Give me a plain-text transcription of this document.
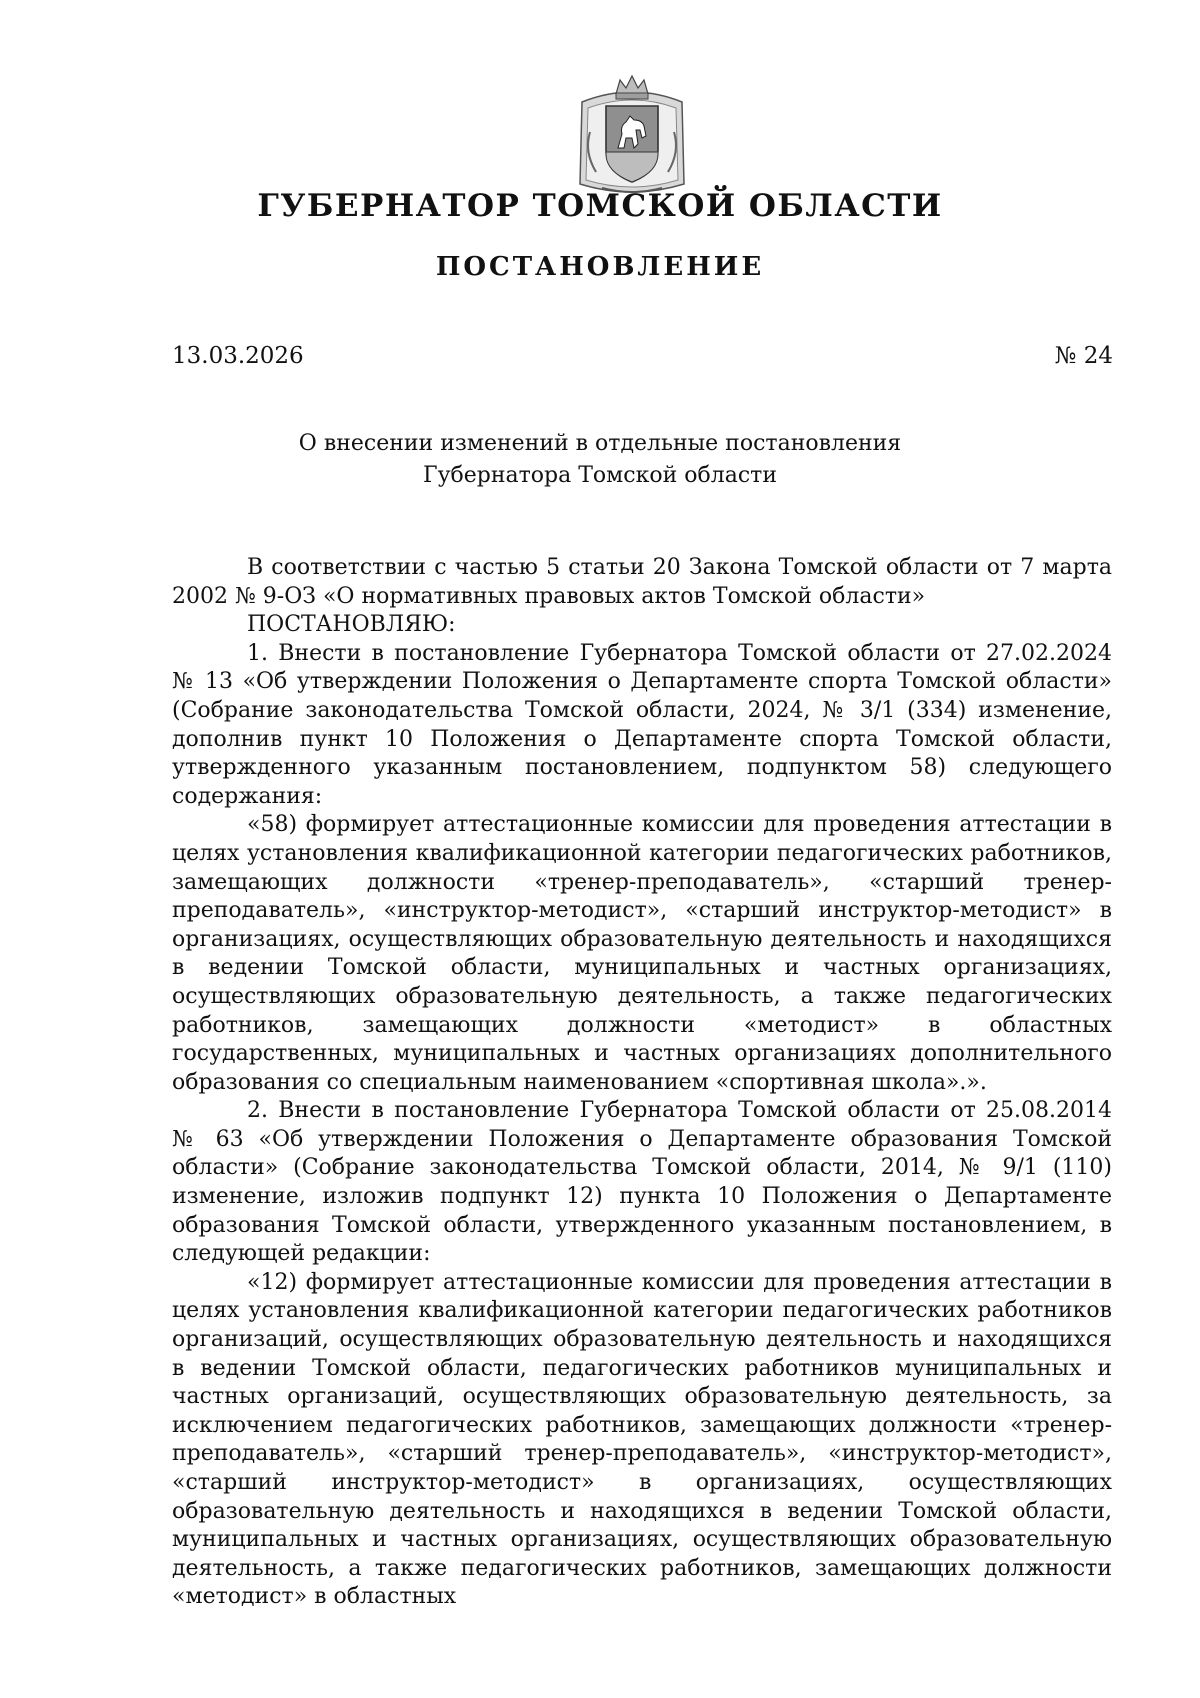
ГУБЕРНАТОР ТОМСКОЙ ОБЛАСТИ
ПОСТАНОВЛЕНИЕ
13.03.2026	№ 24
О внесении изменений в отдельные постановления
Губернатора Томской области

В соответствии с частью 5 статьи 20 Закона Томской области от 7 марта 2002 № 9-ОЗ «О нормативных правовых актов Томской области»

ПОСТАНОВЛЯЮ:

1. Внести в постановление Губернатора Томской области от 27.02.2024 № 13 «Об утверждении Положения о Департаменте спорта Томской области» (Собрание законодательства Томской области, 2024, № 3/1 (334) изменение, дополнив пункт 10 Положения о Департаменте спорта Томской области, утвержденного указанным постановлением, подпунктом 58) следующего содержания:

«58) формирует аттестационные комиссии для проведения аттестации в целях установления квалификационной категории педагогических работников, замещающих должности «тренер-преподаватель», «старший тренер-преподаватель», «инструктор-методист», «старший инструктор-методист» в организациях, осуществляющих образовательную деятельность и находящихся в ведении Томской области, муниципальных и частных организациях, осуществляющих образовательную деятельность, а также педагогических работников, замещающих должности «методист» в областных государственных, муниципальных и частных организациях дополнительного образования со специальным наименованием «спортивная школа».».

2. Внести в постановление Губернатора Томской области от 25.08.2014 № 63 «Об утверждении Положения о Департаменте образования Томской области» (Собрание законодательства Томской области, 2014, № 9/1 (110) изменение, изложив подпункт 12) пункта 10 Положения о Департаменте образования Томской области, утвержденного указанным постановлением, в следующей редакции:

«12) формирует аттестационные комиссии для проведения аттестации в целях установления квалификационной категории педагогических работников организаций, осуществляющих образовательную деятельность и находящихся в ведении Томской области, педагогических работников муниципальных и частных организаций, осуществляющих образовательную деятельность, за исключением педагогических работников, замещающих должности «тренер-преподаватель», «старший тренер-преподаватель», «инструктор-методист», «старший инструктор-методист» в организациях, осуществляющих образовательную деятельность и находящихся в ведении Томской области, муниципальных и частных организациях, осуществляющих образовательную деятельность, а также педагогических работников, замещающих должности «методист» в областных
